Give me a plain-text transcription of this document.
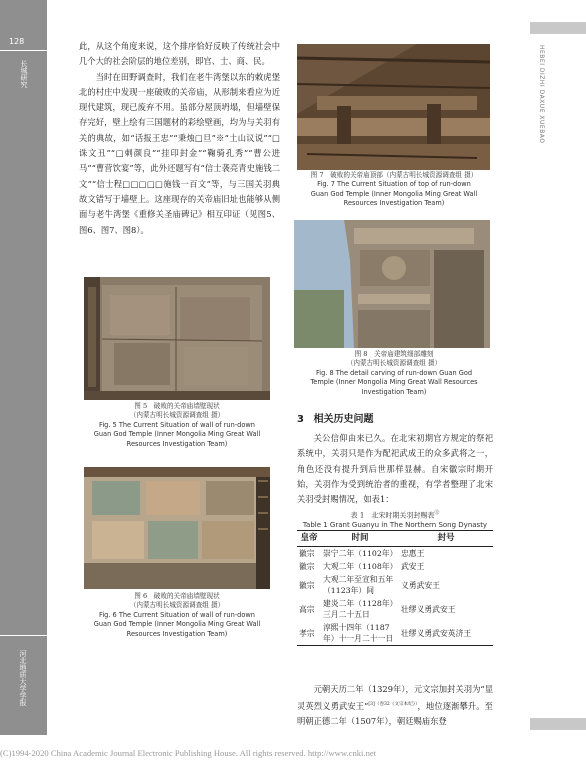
128
长城研究
河北地质大学学报
HEBEI DIZHI DAXUE XUEBAO

此，从这个角度来说，这个排序恰好反映了传统社会中几个大的社会阶层的地位差别，即官、士、商、民。

当时在田野调查时，我们在老牛湾堡以东的敕虎堡北的村庄中发现一座破败的关帝庙，从形制来看应为近现代建筑，现已废弃不用。虽部分屋顶坍塌，但墙壁保存完好，壁上绘有三国题材的彩绘壁画，均为与关羽有关的典故，如“话报王忠”“秉烛□旦”※“土山议说”“□诛文丑”“□刺颜良”“挂印封金”“鞠骑孔秀”“曹公进马”“曹营饮宴”等，此外还题写有“信士袭亮青史施钱二文”“信士程□□□□□施钱一百文”等，与三国关羽典故文错写于墙壁上。这座现存的关帝庙旧址也能够从侧面与老牛湾堡《重修关圣庙碑记》相互印证（见图5、图6、图7、图8）。

图 5　破败的关帝庙墙壁现状
（内蒙古明长城资源调查组 摄）
Fig. 5 The Current Situation of wall of run-down
Guan God Temple (Inner Mongolia Ming Great Wall
Resources Investigation Team)
图 6　破败的关帝庙墙壁现状
（内蒙古明长城资源调查组 摄）
Fig. 6 The Current Situation of wall of run-down
Guan God Temple (Inner Mongolia Ming Great Wall
Resources Investigation Team)
图 7　破败的关帝庙顶部（内蒙古明长城资源调查组 摄）
Fig. 7 The Current Situation of top of run-down
Guan God Temple (Inner Mongolia Ming Great Wall
Resources Investigation Team)
图 8　关帝庙建筑细部雕刻
（内蒙古明长城资源调查组 摄）
Fig. 8 The detail carving of run-down Guan God
Temple (Inner Mongolia Ming Great Wall Resources
Investigation Team)
3 相关历史问题

关公信仰由来已久。在北宋初期官方规定的祭祀系统中，关羽只是作为配祀武成王的众多武将之一，角色还没有提升到后世那样显赫。自宋徽宗时期开始，关羽作为受到统治者的重视，有学者整理了北宋关羽受封赐情况，如表1：

表 1　北宋时期关羽封赐表⑫
Table 1 Grant Guanyu in The Northern Song Dynasty
皇帝	时间	封号
徽宗	崇宁二年（1102年）	忠惠王
徽宗	大观二年（1108年）	武安王
徽宗	大观二年至宣和五年（1123年）间	义勇武安王
高宗	建炎二年（1128年）三月二十五日	壮缪义勇武安王
孝宗	淳熙十四年（1187年）十一月二十一日	壮缪义勇武安英济王

元朝天历二年（1329年），元文宗加封关羽为“显灵英烈义勇武安王”$^{[3](卷32《文宗本纪》)}$，地位逐渐攀升。至明朝正德二年（1507年），朝廷赐庙东登

(C)1994-2020 China Academic Journal Electronic Publishing House. All rights reserved. http://www.cnki.net
